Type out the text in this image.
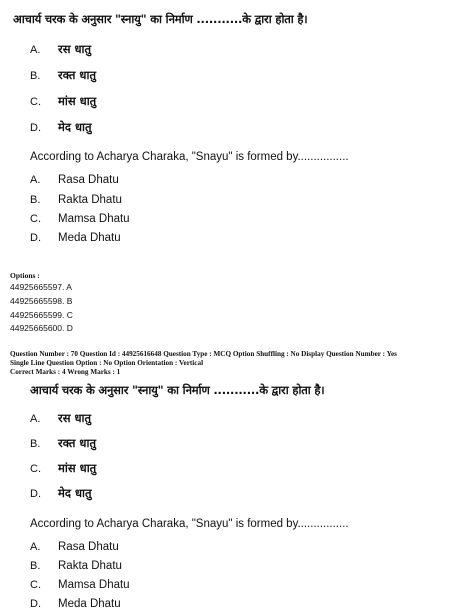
आचार्य चरक के अनुसार "स्नायु" का निर्माण ...........के द्वारा होता है।
A. रस धातु
B. रक्त धातु
C. मांस धातु
D. मेद धातु
According to Acharya Charaka, "Snayu" is formed by................
A. Rasa Dhatu
B. Rakta Dhatu
C. Mamsa Dhatu
D. Meda Dhatu
Options :
44925665597. A
44925665598. B
44925665599. C
44925665600. D
Question Number : 70 Question Id : 44925616648 Question Type : MCQ Option Shuffling : No Display Question Number : Yes
Single Line Question Option : No Option Orientation : Vertical
Correct Marks : 4 Wrong Marks : 1
आचार्य चरक के अनुसार "स्नायु" का निर्माण ...........के द्वारा होता है।
A. रस धातु
B. रक्त धातु
C. मांस धातु
D. मेद धातु
According to Acharya Charaka, "Snayu" is formed by................
A. Rasa Dhatu
B. Rakta Dhatu
C. Mamsa Dhatu
D. Meda Dhatu
